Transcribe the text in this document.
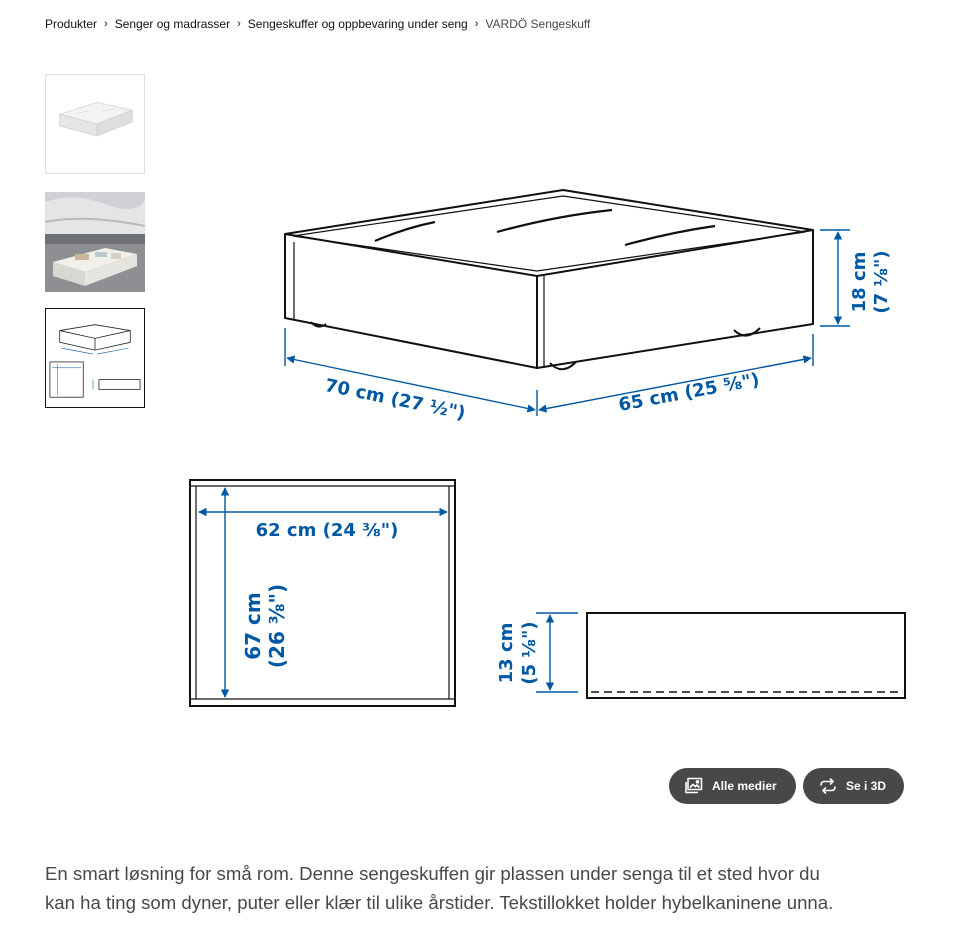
Produkter › Senger og madrasser › Sengeskuffer og oppbevaring under seng › VARDÖ Sengeskuff
70 cm (27 ½")	65 cm (25 ⅝")
18 cm (7 ⅛")
62 cm (24 ⅜")
67 cm (26 ⅜")	13 cm (5 ⅛")
Alle medier	Se i 3D

En smart løsning for små rom. Denne sengeskuffen gir plassen under senga til et sted hvor du kan ha ting som dyner, puter eller klær til ulike årstider. Tekstillokket holder hybelkaninene unna.
